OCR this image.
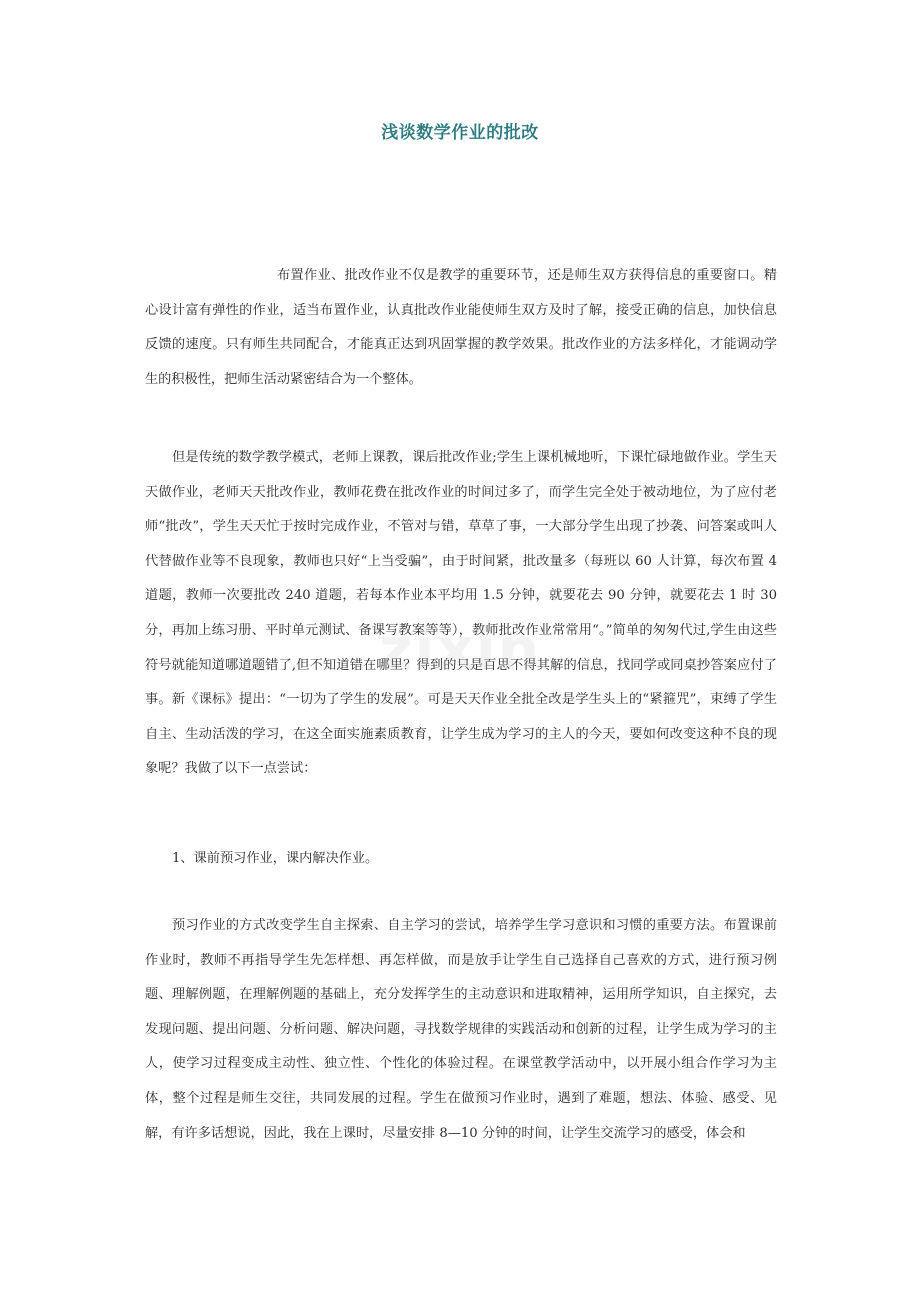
浅谈数学作业的批改
布置作业、批改作业不仅是教学的重要环节，还是师生双方获得信息的重要窗口。精心设计富有弹性的作业，适当布置作业，认真批改作业能使师生双方及时了解，接受正确的信息，加快信息反馈的速度。只有师生共同配合，才能真正达到巩固掌握的教学效果。批改作业的方法多样化，才能调动学生的积极性，把师生活动紧密结合为一个整体。
但是传统的数学教学模式，老师上课教，课后批改作业;学生上课机械地听，下课忙碌地做作业。学生天天做作业，老师天天批改作业，教师花费在批改作业的时间过多了，而学生完全处于被动地位，为了应付老师“批改”，学生天天忙于按时完成作业，不管对与错，草草了事，一大部分学生出现了抄袭、问答案或叫人代替做作业等不良现象，教师也只好“上当受骗”，由于时间紧，批改量多（每班以 60 人计算，每次布置 4 道题，教师一次要批改 240 道题，若每本作业本平均用 1.5 分钟，就要花去 90 分钟，就要花去 1 时 30 分，再加上练习册、平时单元测试、备课写教案等等），教师批改作业常常用“。”简单的匆匆代过,学生由这些符号就能知道哪道题错了,但不知道错在哪里？得到的只是百思不得其解的信息，找同学或同桌抄答案应付了事。新《课标》提出：“一切为了学生的发展”。可是天天作业全批全改是学生头上的“紧箍咒”，束缚了学生自主、生动活泼的学习，在这全面实施素质教育，让学生成为学习的主人的今天，要如何改变这种不良的现象呢？我做了以下一点尝试：
1、课前预习作业，课内解决作业。
预习作业的方式改变学生自主探索、自主学习的尝试，培养学生学习意识和习惯的重要方法。布置课前作业时，教师不再指导学生先怎样想、再怎样做，而是放手让学生自己选择自己喜欢的方式，进行预习例题、理解例题，在理解例题的基础上，充分发挥学生的主动意识和进取精神，运用所学知识，自主探究，去发现问题、提出问题、分析问题、解决问题，寻找数学规律的实践活动和创新的过程，让学生成为学习的主人，使学习过程变成主动性、独立性、个性化的体验过程。在课堂教学活动中，以开展小组合作学习为主体，整个过程是师生交往，共同发展的过程。学生在做预习作业时，遇到了难题，想法、体验、感受、见解，有许多话想说，因此，我在上课时，尽量安排 8—10 分钟的时间，让学生交流学习的感受，体会和
zixin
